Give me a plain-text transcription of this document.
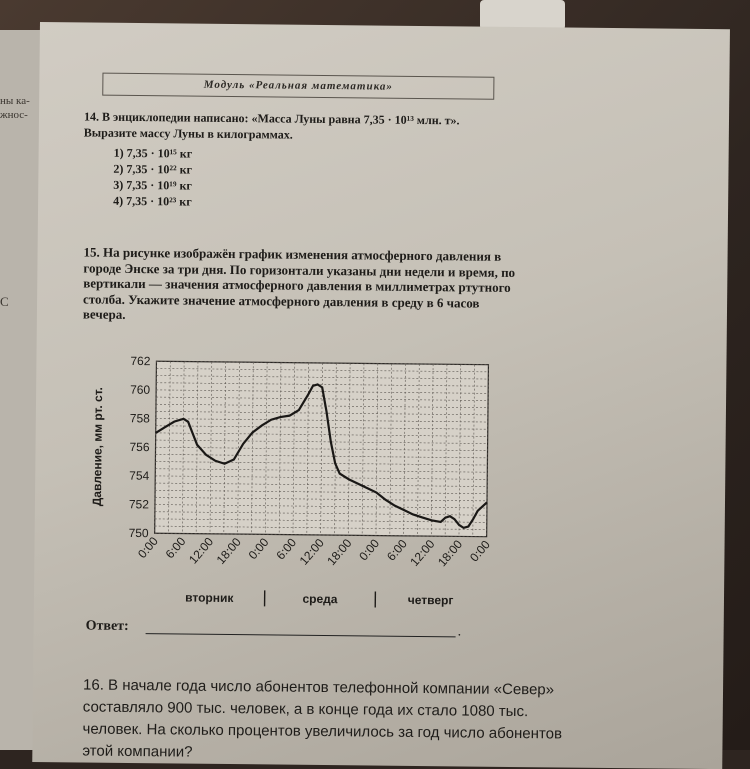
ны ка-
жнос-
С
Модуль «Реальная математика»
14. В энциклопедии написано: «Масса Луны равна 7,35 · 10¹³ млн. т». Выразите массу Луны в килограммах.
1) 7,35 · 10¹⁵ кг
2) 7,35 · 10²² кг
3) 7,35 · 10¹⁹ кг
4) 7,35 · 10²³ кг
15. На рисунке изображён график изменения атмосферного давления в городе Энске за три дня. По горизонтали указаны дни недели и время, по вертикали — значения атмосферного давления в миллиметрах ртутного столба. Укажите значение атмосферного давления в среду в 6 часов вечера.
750
752
754
756
758
760
762
0:00 6:00
12:00
18:00 0:00 6:00
12:00
18:00 0:00 6:00
12:00
18:00 0:00
вторник	среда	четверг
Давление, мм рт. ст.
Ответ:	.
16. В начале года число абонентов телефонной компании «Север» составляло 900 тыс. человек, а в конце года их стало 1080 тыс. человек. На сколько процентов увеличилось за год число абонентов этой компании?
